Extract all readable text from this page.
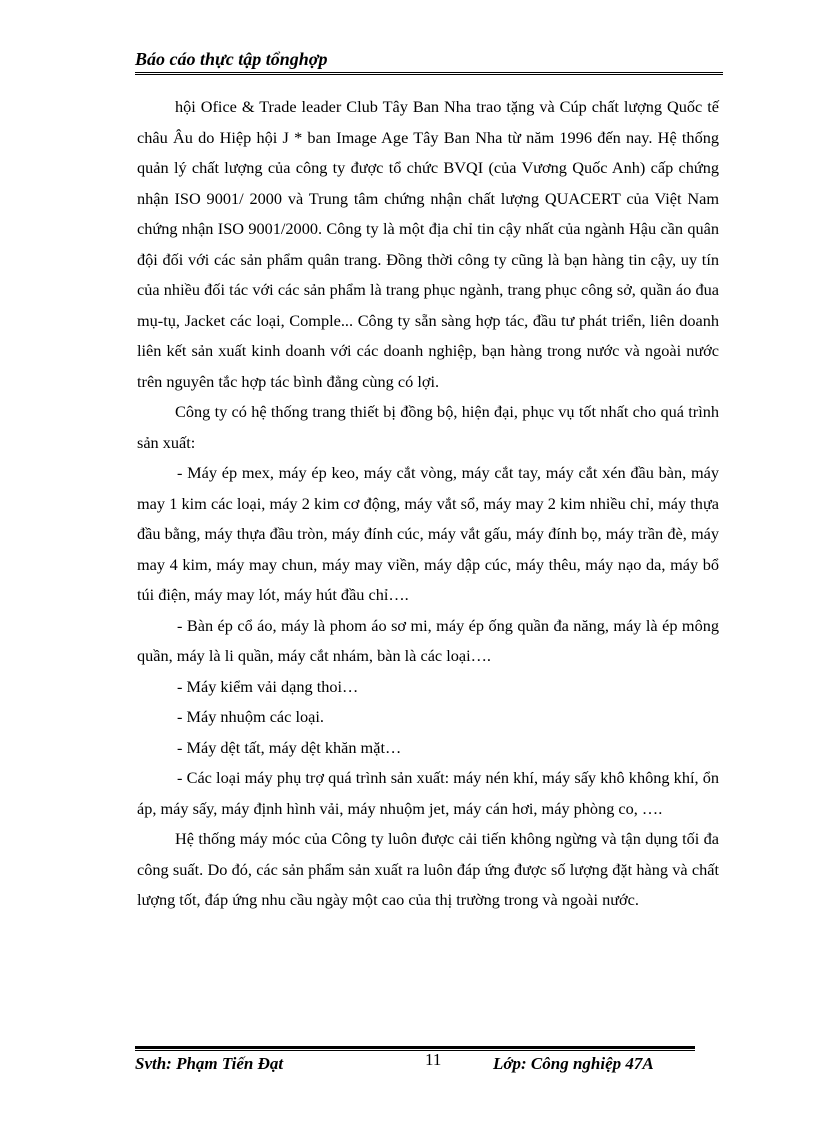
Báo cáo thực tập tổnghợp

hội Ofice & Trade leader Club Tây Ban Nha trao tặng và Cúp chất lượng Quốc tế châu Âu do Hiệp hội J * ban Image Age Tây Ban Nha từ năm 1996 đến nay. Hệ thống quản lý chất lượng của công ty được tổ chức BVQI (của Vương Quốc Anh) cấp chứng nhận ISO 9001/ 2000 và Trung tâm chứng nhận chất lượng QUACERT của Việt Nam chứng nhận ISO 9001/2000. Công ty là một địa chỉ tin cậy nhất của ngành Hậu cần quân đội đối với các sản phẩm quân trang. Đồng thời công ty cũng là bạn hàng tin cậy, uy tín của nhiều đối tác với các sản phẩm là trang phục ngành, trang phục công sở, quần áo đua mụ-tụ, Jacket các loại, Comple... Công ty sẵn sàng hợp tác, đầu tư phát triển, liên doanh liên kết sản xuất kinh doanh với các doanh nghiệp, bạn hàng trong nước và ngoài nước trên nguyên tắc hợp tác bình đẳng cùng có lợi.

Công ty có hệ thống trang thiết bị đồng bộ, hiện đại, phục vụ tốt nhất cho quá trình sản xuất:

- Máy ép mex, máy ép keo, máy cắt vòng, máy cắt tay, máy cắt xén đầu bàn, máy may 1 kim các loại, máy 2 kim cơ động, máy vắt sổ, máy may 2 kim nhiều chỉ, máy thựa đầu bằng, máy thựa đầu tròn, máy đính cúc, máy vắt gấu, máy đính bọ, máy trần đè, máy may 4 kim, máy may chun, máy may viền, máy dập cúc, máy thêu, máy nạo da, máy bổ túi điện, máy may lót, máy hút đầu chỉ….

- Bàn ép cổ áo, máy là phom áo sơ mi, máy ép ống quần đa năng, máy là ép mông quần, máy là li quần, máy cắt nhám, bàn là các loại….

- Máy kiểm vải dạng thoi…

- Máy nhuộm các loại.

- Máy dệt tất, máy dệt khăn mặt…

- Các loại máy phụ trợ quá trình sản xuất: máy nén khí, máy sấy khô không khí, ổn áp, máy sấy, máy định hình vải, máy nhuộm jet, máy cán hơi, máy phòng co, ….

Hệ thống máy móc của Công ty luôn được cải tiến không ngừng và tận dụng tối đa công suất. Do đó, các sản phẩm sản xuất ra luôn đáp ứng được số lượng đặt hàng và chất lượng tốt, đáp ứng nhu cầu ngày một cao của thị trường trong và ngoài nước.

Svth: Phạm Tiến Đạt	11	Lớp: Công nghiệp 47A
